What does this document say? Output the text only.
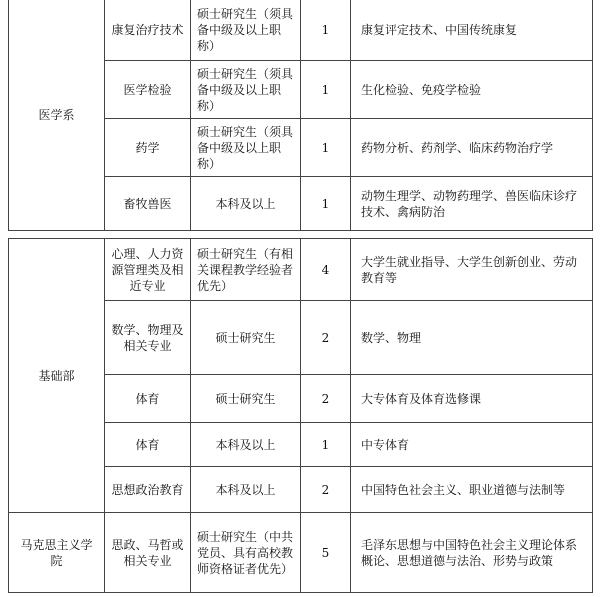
医学系	康复治疗技术	硕士研究生（须具备中级及以上职称）	1	康复评定技术、中国传统康复
	医学检验	硕士研究生（须具备中级及以上职称）	1	生化检验、免疫学检验
	药学	硕士研究生（须具备中级及以上职称）	1	药物分析、药剂学、临床药物治疗学
	畜牧兽医	本科及以上	1	动物生理学、动物药理学、兽医临床诊疗技术、禽病防治
基础部	心理、人力资源管理类及相近专业	硕士研究生（有相关课程教学经验者优先）	4	大学生就业指导、大学生创新创业、劳动教育等
	数学、物理及相关专业	硕士研究生	2	数学、物理
	体育	硕士研究生	2	大专体育及体育选修课
	体育	本科及以上	1	中专体育
	思想政治教育	本科及以上	2	中国特色社会主义、职业道德与法制等
马克思主义学院	思政、马哲或相关专业	硕士研究生（中共党员、具有高校教师资格证者优先）	5	毛泽东思想与中国特色社会主义理论体系概论、思想道德与法治、形势与政策
